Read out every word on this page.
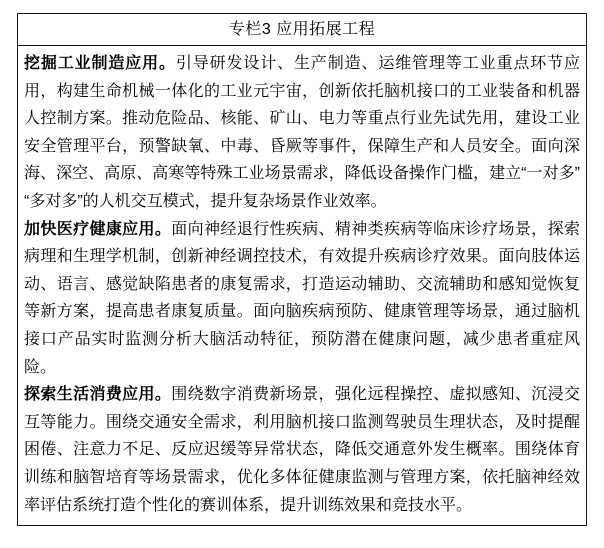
专栏3 应用拓展工程

挖掘工业制造应用。引导研发设计、生产制造、运维管理等工业重点环节应用，构建生命机械一体化的工业元宇宙，创新依托脑机接口的工业装备和机器人控制方案。推动危险品、核能、矿山、电力等重点行业先试先用，建设工业安全管理平台，预警缺氧、中毒、昏厥等事件，保障生产和人员安全。面向深海、深空、高原、高寒等特殊工业场景需求，降低设备操作门槛，建立“一对多” “多对多”的人机交互模式，提升复杂场景作业效率。

加快医疗健康应用。面向神经退行性疾病、精神类疾病等临床诊疗场景，探索病理和生理学机制，创新神经调控技术，有效提升疾病诊疗效果。面向肢体运动、语言、感觉缺陷患者的康复需求，打造运动辅助、交流辅助和感知觉恢复等新方案，提高患者康复质量。面向脑疾病预防、健康管理等场景，通过脑机接口产品实时监测分析大脑活动特征，预防潜在健康问题，减少患者重症风险。

探索生活消费应用。围绕数字消费新场景，强化远程操控、虚拟感知、沉浸交互等能力。围绕交通安全需求，利用脑机接口监测驾驶员生理状态，及时提醒困倦、注意力不足、反应迟缓等异常状态，降低交通意外发生概率。围绕体育训练和脑智培育等场景需求，优化多体征健康监测与管理方案，依托脑神经效率评估系统打造个性化的赛训体系，提升训练效果和竞技水平。
